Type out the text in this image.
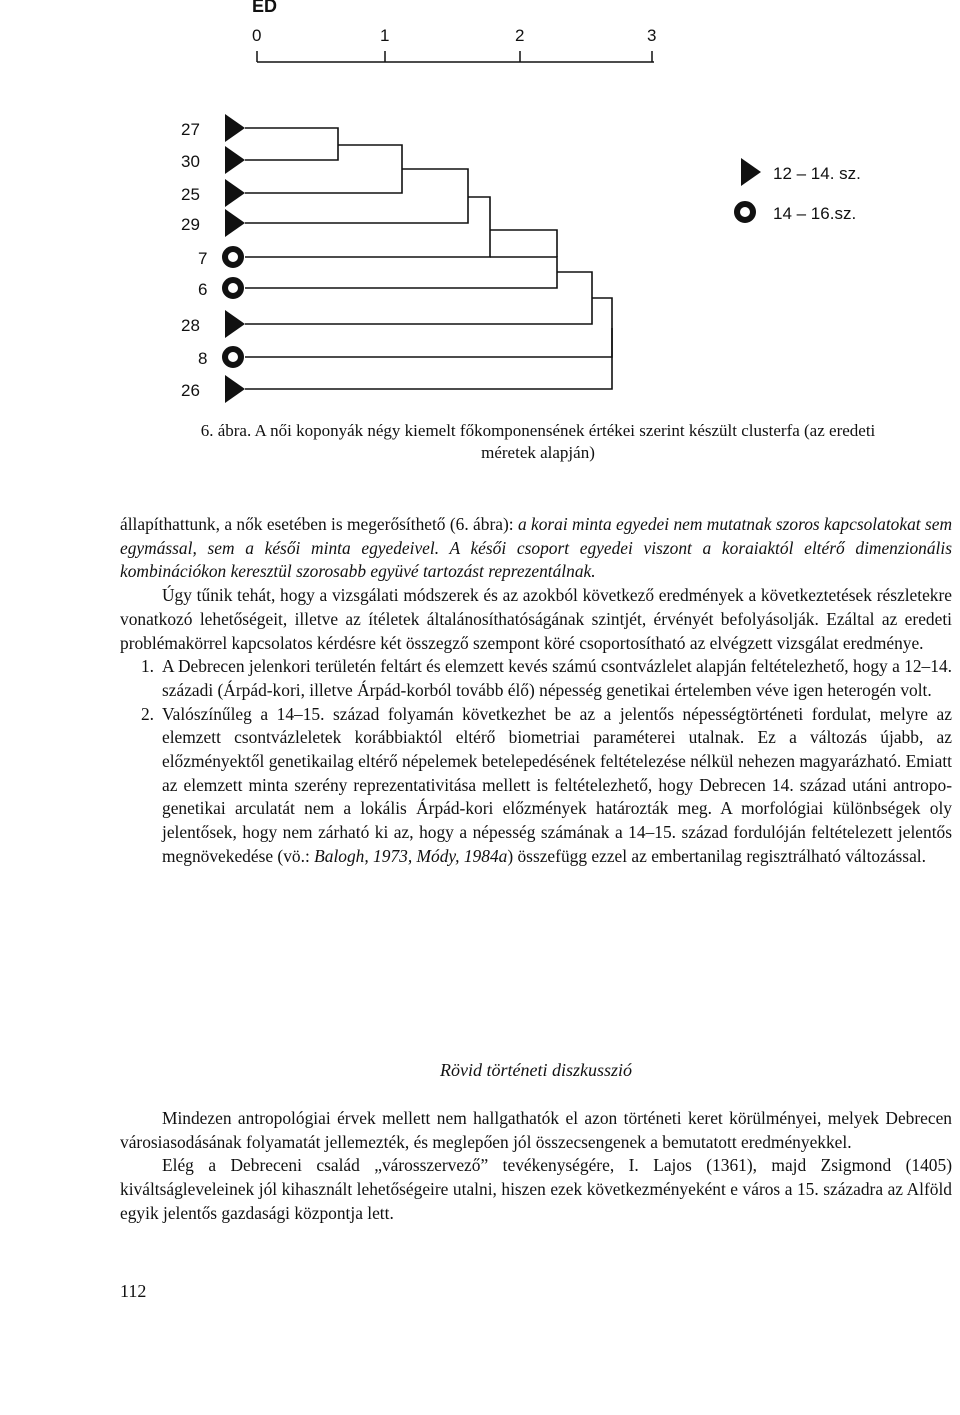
ED
0	1	2	3
27
30
25
29
7
6
28
8
26
12 – 14. sz.
14 – 16.sz.
6. ábra. A női koponyák négy kiemelt főkomponensének értékei szerint készült clusterfa (az eredeti
méretek alapján)

állapíthattunk, a nők esetében is megerősíthető (6. ábra): a korai minta egyedei nem mutatnak szoros kapcsolatokat sem egymással, sem a késői minta egyedeivel. A késői csoport egyedei viszont a koraiaktól eltérő dimenzionális kombinációkon keresztül szorosabb együvé tartozást reprezentálnak.

Úgy tűnik tehát, hogy a vizsgálati módszerek és az azokból következő eredmények a következtetések részletekre vonatkozó lehetőségeit, illetve az ítéletek általánosíthatóságának szintjét, érvényét befolyásolják. Ezáltal az eredeti problémakörrel kapcsolatos kérdésre két összegző szempont köré csoportosítható az elvégzett vizsgálat eredménye.

1. A Debrecen jelenkori területén feltárt és elemzett kevés számú csontvázlelet alapján feltételezhető, hogy a 12–14. századi (Árpád-kori, illetve Árpád-korból tovább élő) népesség genetikai értelemben véve igen heterogén volt.
2. Valószínűleg a 14–15. század folyamán következhet be az a jelentős népességtörténeti fordulat, melyre az elemzett csontvázleletek korábbiaktól eltérő biometriai paraméterei utalnak. Ez a változás újabb, az előzményektől genetikailag eltérő népelemek betelepedésének feltételezése nélkül nehezen magyarázható. Emiatt az elemzett minta szerény reprezentativitása mellett is feltételezhető, hogy Debrecen 14. század utáni antropo-genetikai arculatát nem a lokális Árpád-kori előzmények határozták meg. A morfológiai különbségek oly jelentősek, hogy nem zárható ki az, hogy a népesség számának a 14–15. század fordulóján feltételezett jelentős megnövekedése (vö.: Balogh, 1973, Módy, 1984a) összefügg ezzel az embertanilag regisztrálható változással.
Rövid történeti diszkusszió

Mindezen antropológiai érvek mellett nem hallgathatók el azon történeti keret körülményei, melyek Debrecen városiasodásának folyamatát jellemezték, és meglepően jól összecsengenek a bemutatott eredményekkel.

Elég a Debreceni család „városszervező” tevékenységére, I. Lajos (1361), majd Zsigmond (1405) kiváltságleveleinek jól kihasznált lehetőségeire utalni, hiszen ezek következményeként e város a 15. századra az Alföld egyik jelentős gazdasági központja lett.

112
